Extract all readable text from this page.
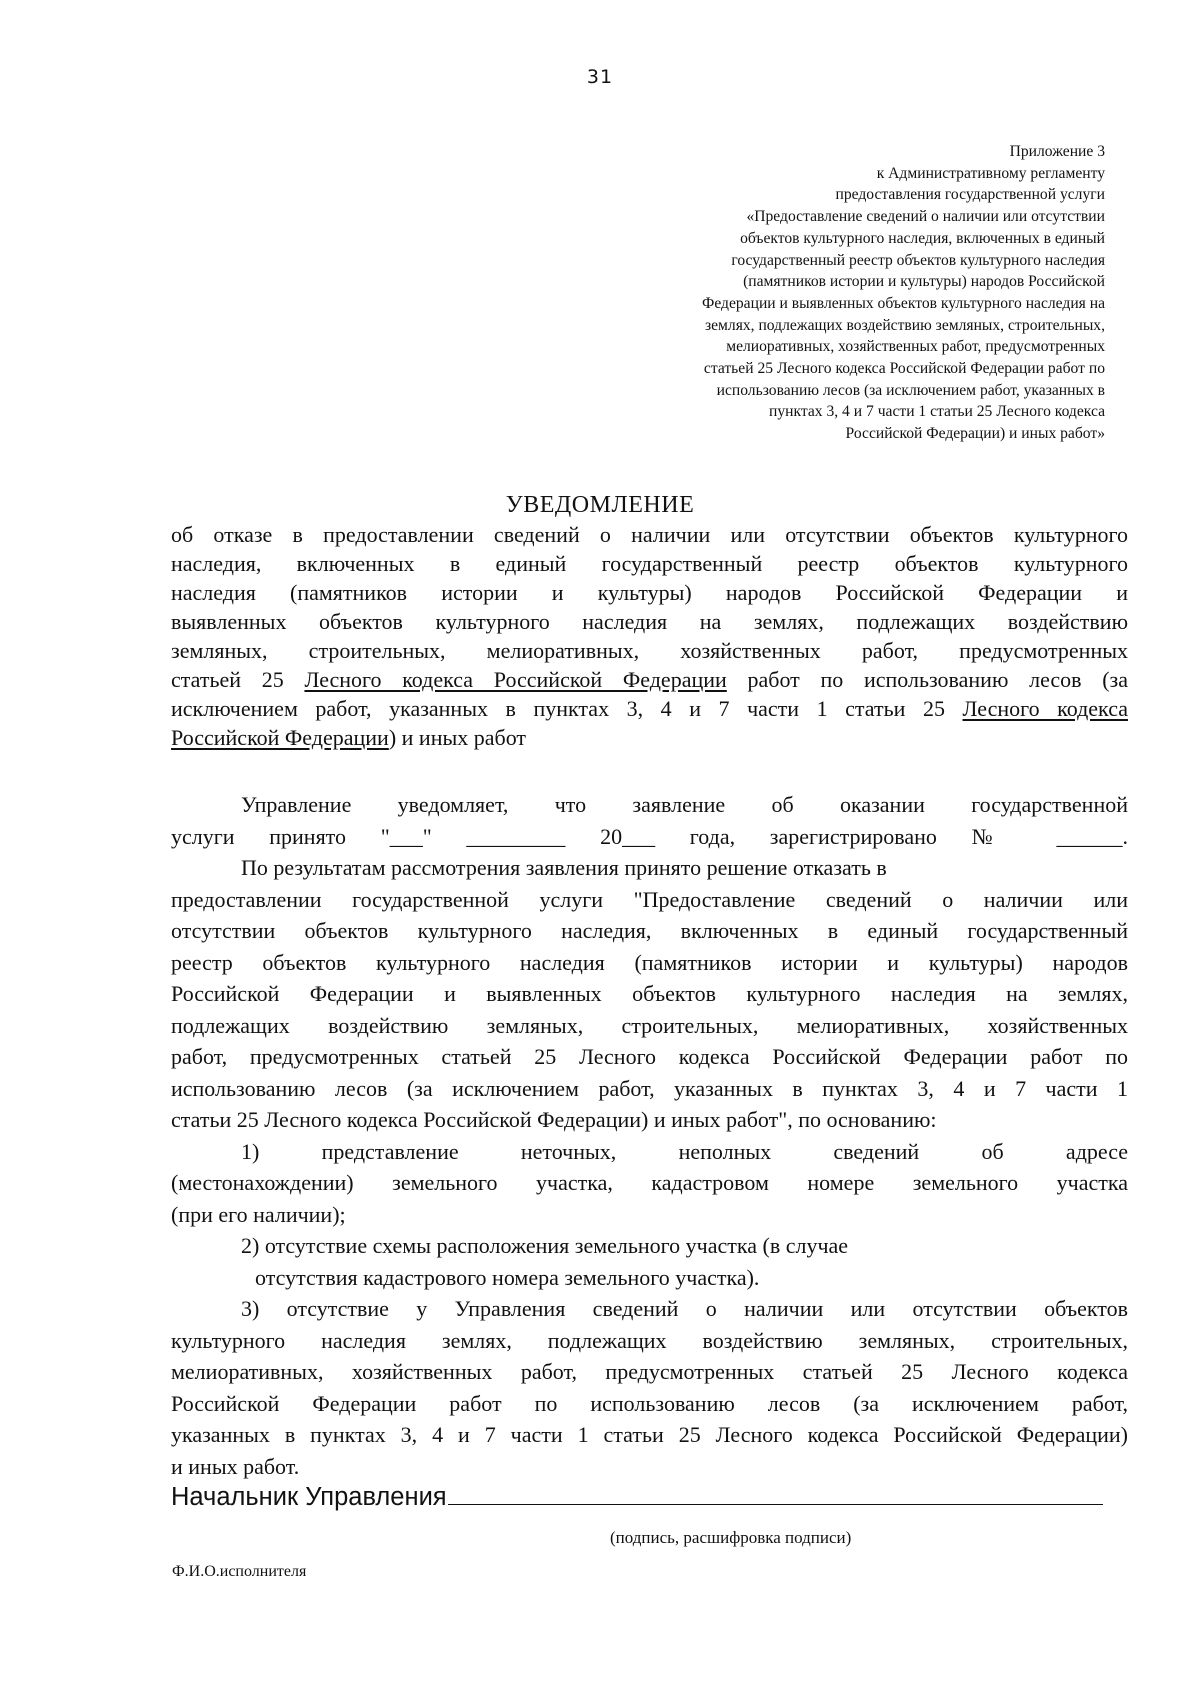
31
Приложение 3
к Административному регламенту
предоставления государственной услуги
«Предоставление сведений о наличии или отсутствии
объектов культурного наследия, включенных в единый
государственный реестр объектов культурного наследия
(памятников истории и культуры) народов Российской
Федерации и выявленных объектов культурного наследия на
землях, подлежащих воздействию земляных, строительных,
мелиоративных, хозяйственных работ, предусмотренных
статьей 25 Лесного кодекса Российской Федерации работ по
использованию лесов (за исключением работ, указанных в
пунктах 3, 4 и 7 части 1 статьи 25 Лесного кодекса
Российской Федерации) и иных работ»
УВЕДОМЛЕНИЕ
об отказе в предоставлении сведений о наличии или отсутствии объектов культурного
наследия, включенных в единый государственный реестр объектов культурного
наследия (памятников истории и культуры) народов Российской Федерации и
выявленных объектов культурного наследия на землях, подлежащих воздействию
земляных, строительных, мелиоративных, хозяйственных работ, предусмотренных
статьей 25 Лесного кодекса Российской Федерации работ по использованию лесов (за
исключением работ, указанных в пунктах 3, 4 и 7 части 1 статьи 25 Лесного кодекса
Российской Федерации) и иных работ
Управление уведомляет, что заявление об оказании государственной
услуги принято "___" _________ 20___ года, зарегистрировано № ______.
По результатам рассмотрения заявления принято решение отказать в
предоставлении государственной услуги "Предоставление сведений о наличии или
отсутствии объектов культурного наследия, включенных в единый государственный
реестр объектов культурного наследия (памятников истории и культуры) народов
Российской Федерации и выявленных объектов культурного наследия на землях,
подлежащих воздействию земляных, строительных, мелиоративных, хозяйственных
работ, предусмотренных статьей 25 Лесного кодекса Российской Федерации работ по
использованию лесов (за исключением работ, указанных в пунктах 3, 4 и 7 части 1
статьи 25 Лесного кодекса Российской Федерации) и иных работ", по основанию:
1) представление неточных, неполных сведений об адресе
(местонахождении) земельного участка, кадастровом номере земельного участка
(при его наличии);
2) отсутствие схемы расположения земельного участка (в случае
отсутствия кадастрового номера земельного участка).
3) отсутствие у Управления сведений о наличии или отсутствии объектов
культурного наследия землях, подлежащих воздействию земляных, строительных,
мелиоративных, хозяйственных работ, предусмотренных статьей 25 Лесного кодекса
Российской Федерации работ по использованию лесов (за исключением работ,
указанных в пунктах 3, 4 и 7 части 1 статьи 25 Лесного кодекса Российской Федерации)
и иных работ.
Начальник Управления
(подпись, расшифровка подписи)
Ф.И.О.исполнителя
